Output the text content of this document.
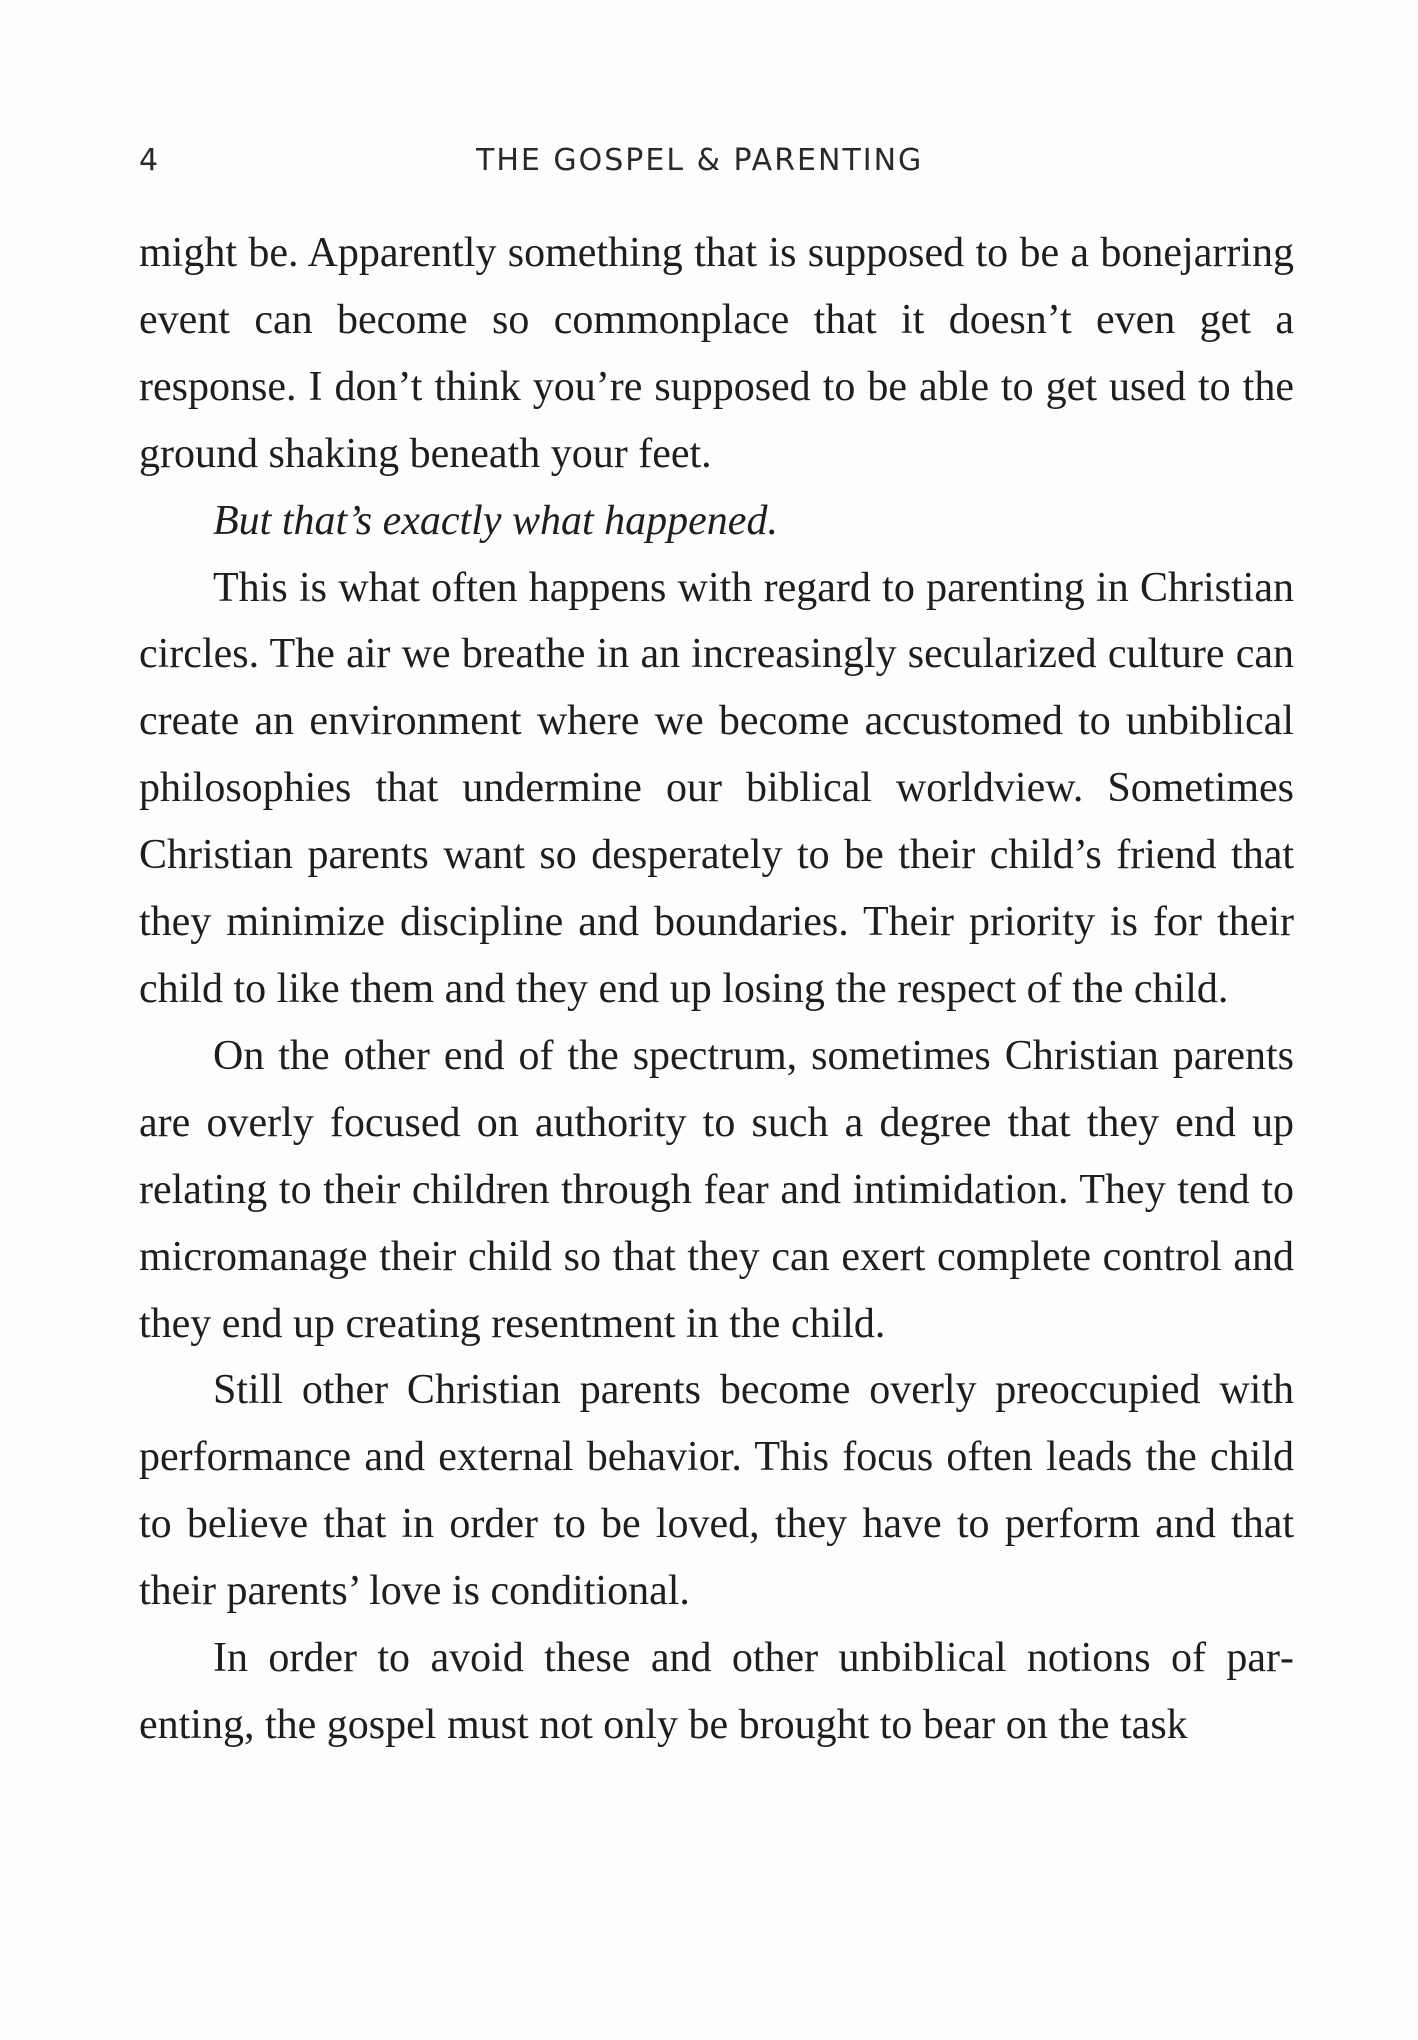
4	THE GOSPEL & PARENTING

might be. Apparently something that is supposed to be a bonejarring event can become so commonplace that it doesn’t even get a response. I don’t think you’re supposed to be able to get used to the ground shaking beneath your feet.

But that’s exactly what happened.

This is what often happens with regard to parenting in Christian circles. The air we breathe in an increasingly secularized culture can create an environment where we become accustomed to unbiblical philosophies that undermine our biblical worldview. Sometimes Christian parents want so desperately to be their child’s friend that they minimize discipline and boundaries. Their priority is for their child to like them and they end up losing the respect of the child.

On the other end of the spectrum, sometimes Christian parents are overly focused on authority to such a degree that they end up relating to their children through fear and intimidation. They tend to micromanage their child so that they can exert complete control and they end up creating resentment in the child.

Still other Christian parents become overly preoccupied with performance and external behavior. This focus often leads the child to believe that in order to be loved, they have to perform and that their parents’ love is conditional.

In order to avoid these and other unbiblical notions of parenting, the gospel must not only be brought to bear on the task
